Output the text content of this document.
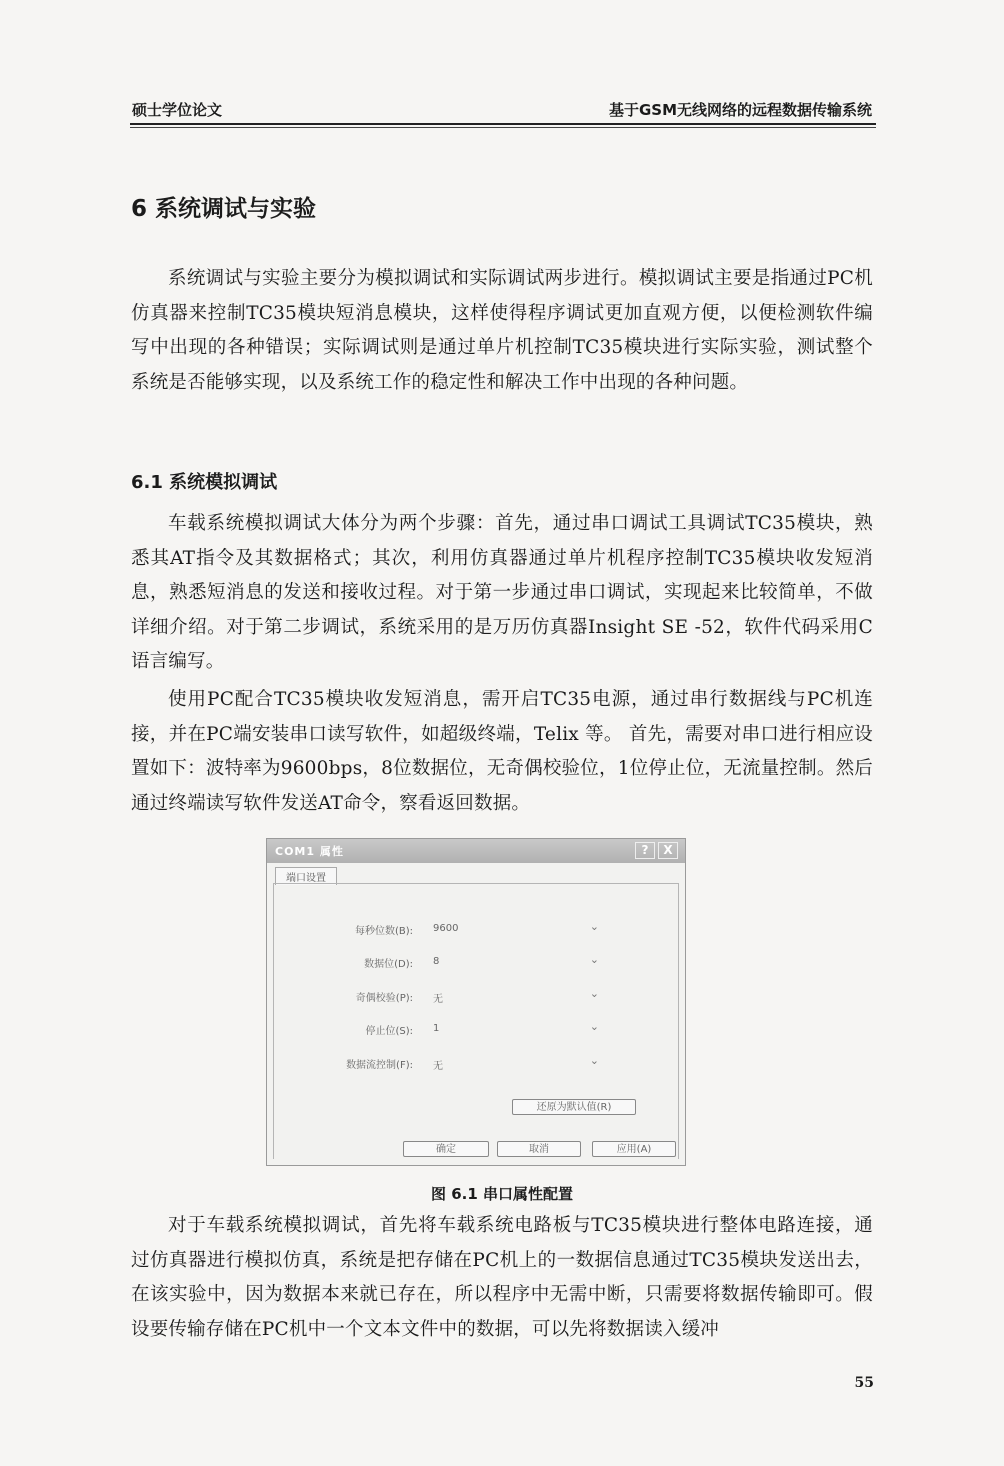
硕士学位论文	基于GSM无线网络的远程数据传输系统
6 系统调试与实验

系统调试与实验主要分为模拟调试和实际调试两步进行。模拟调试主要是指通过PC机仿真器来控制TC35模块短消息模块，这样使得程序调试更加直观方便，以便检测软件编写中出现的各种错误；实际调试则是通过单片机控制TC35模块进行实际实验，测试整个系统是否能够实现，以及系统工作的稳定性和解决工作中出现的各种问题。

6.1 系统模拟调试

车载系统模拟调试大体分为两个步骤：首先，通过串口调试工具调试TC35模块，熟悉其AT指令及其数据格式；其次，利用仿真器通过单片机程序控制TC35模块收发短消息，熟悉短消息的发送和接收过程。对于第一步通过串口调试，实现起来比较简单，不做详细介绍。对于第二步调试，系统采用的是万历仿真器Insight SE -52，软件代码采用C语言编写。

使用PC配合TC35模块收发短消息，需开启TC35电源，通过串行数据线与PC机连接，并在PC端安装串口读写软件，如超级终端，Telix 等。 首先，需要对串口进行相应设置如下：波特率为9600bps，8位数据位，无奇偶校验位，1位停止位，无流量控制。然后通过终端读写软件发送AT命令，察看返回数据。

COM1 属性	?	X
端口设置
每秒位数(B): 9600	⌄
数据位(D): 8	⌄
奇偶校验(P): 无	⌄
停止位(S): 1	⌄
数据流控制(F): 无	⌄
还原为默认值(R)
确定	取消	应用(A)
图 6.1 串口属性配置

对于车载系统模拟调试，首先将车载系统电路板与TC35模块进行整体电路连接，通过仿真器进行模拟仿真，系统是把存储在PC机上的一数据信息通过TC35模块发送出去，在该实验中，因为数据本来就已存在，所以程序中无需中断，只需要将数据传输即可。假设要传输存储在PC机中一个文本文件中的数据，可以先将数据读入缓冲

55
